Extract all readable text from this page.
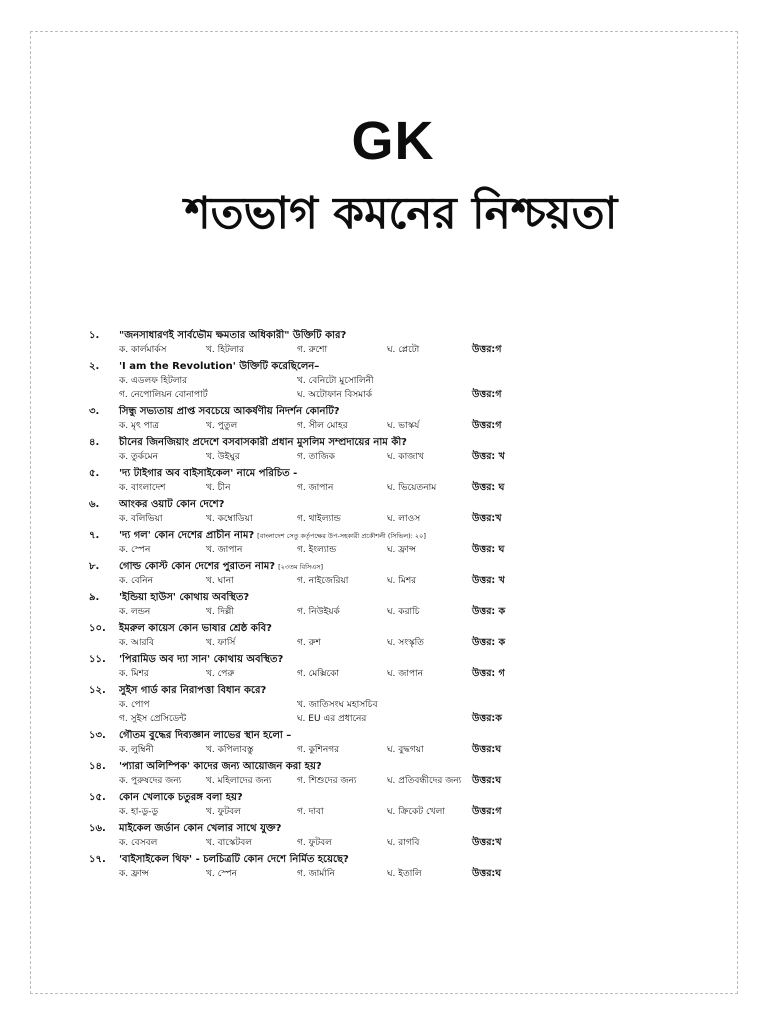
GK
শতভাগ কমনের নিশ্চয়তা
১.	"জনসাধারণই সার্বভৌম ক্ষমতার অধিকারী" উক্তিটি কার?
ক. কার্লমার্কস	খ. হিটলার	গ. রুশো	ঘ. প্লেটো	উত্তর:গ
২.	'I am the Revolution' উক্তিটি করেছিলেন–
ক. এডলফ হিটলার	খ. বেনিটো মুসোলিনী
গ. নেপোলিয়ন বোনাপার্ট	ঘ. অটোফান বিসমার্ক	উত্তর:গ
৩.	সিন্ধু সভ্যতায় প্রাপ্ত সবচেয়ে আকর্ষণীয় নিদর্শন কোনটি?
ক. মৃৎ পাত্র	খ. পুতুল	গ. সীল মোহর	ঘ. ভাস্কর্য	উত্তর:গ
৪.	চীনের জিনজিয়াং প্রদেশে বসবাসকারী প্রধান মুসলিম সম্প্রদায়ের নাম কী?
ক. তুর্কমেন	খ. উইঘুর	গ. তাজিক	ঘ. কাজাখ	উত্তর: খ
৫.	'দ্য টাইগার অব বাইসাইকেল' নামে পরিচিত -
ক. বাংলাদেশ	খ. চীন	গ. জাপান	ঘ. ভিয়েতনাম	উত্তর: ঘ
৬.	আংকর ওয়াট কোন দেশে?
ক. বলিভিয়া	খ. কম্বোডিয়া	গ. থাইল্যান্ড	ঘ. লাওস	উত্তর:খ
৭.	'দ্য গল' কোন দেশের প্রাচীন নাম? [বাংলাদেশ সেতু কর্তৃপক্ষের উপ-সহকারী প্রকৌশলী (সিভিল): ২০]
ক. স্পেন	খ. জাপান	গ. ইংল্যান্ড	ঘ. ফ্রান্স	উত্তর: ঘ
৮.	গোল্ড কোস্ট কোন দেশের পুরাতন নাম? [২৩তম বিসিএস]
ক. বেনিন	খ. ঘানা	গ. নাইজেরিয়া	ঘ. মিশর	উত্তর: খ
৯.	'ইন্ডিয়া হাউস' কোথায় অবস্থিত?
ক. লন্ডন	খ. দিল্লী	গ. নিউইয়র্ক	ঘ. করাচি	উত্তর: ক
১০.	ইমরুল কায়েস কোন ভাষার শ্রেষ্ঠ কবি?
ক. আরবি	খ. ফার্সি	গ. রুশ	ঘ. সংস্কৃতি	উত্তর: ক
১১.	'পিরামিড অব দ্যা সান' কোথায় অবস্থিত?
ক. মিশর	খ. পেরু	গ. মেক্সিকো	ঘ. জাপান	উত্তর: গ
১২.	সুইস গার্ড কার নিরাপত্তা বিধান করে?
ক. পোপ	খ. জাতিসংঘ মহাসচিব
গ. সুইস প্রেসিডেন্ট	ঘ. EU এর প্রধানের	উত্তর:ক
১৩.	গৌতম বুদ্ধের দিব্যজ্ঞান লাভের স্থান হলো –
ক. লুম্বিনী	খ. কপিলাবস্তু	গ. কুশিনগর	ঘ. বুদ্ধগয়া	উত্তর:ঘ
১৪.	'প্যারা অলিম্পিক' কাদের জন্য আয়োজন করা হয়?
ক. পুরুষদের জন্য	খ. মহিলাদের জন্য	গ. শিশুদের জন্য	ঘ. প্রতিবন্ধীদের জন্য	উত্তর:ঘ
১৫.	কোন খেলাকে চতুরঙ্গ বলা হয়?
ক. হা-ডু-ডু	খ. ফুটবল	গ. দাবা	ঘ. ক্রিকেট খেলা	উত্তর:গ
১৬.	মাইকেল জর্ডান কোন খেলার সাথে যুক্ত?
ক. বেসবল	খ. বাস্কেটবল	গ. ফুটবল	ঘ. রাগবি	উত্তর:খ
১৭.	'বাইসাইকেল থিফ' - চলচিত্রটি কোন দেশে নির্মিত হয়েছে?
ক. ফ্রান্স	খ. স্পেন	গ. জার্মানি	ঘ. ইতালি	উত্তর:ঘ
